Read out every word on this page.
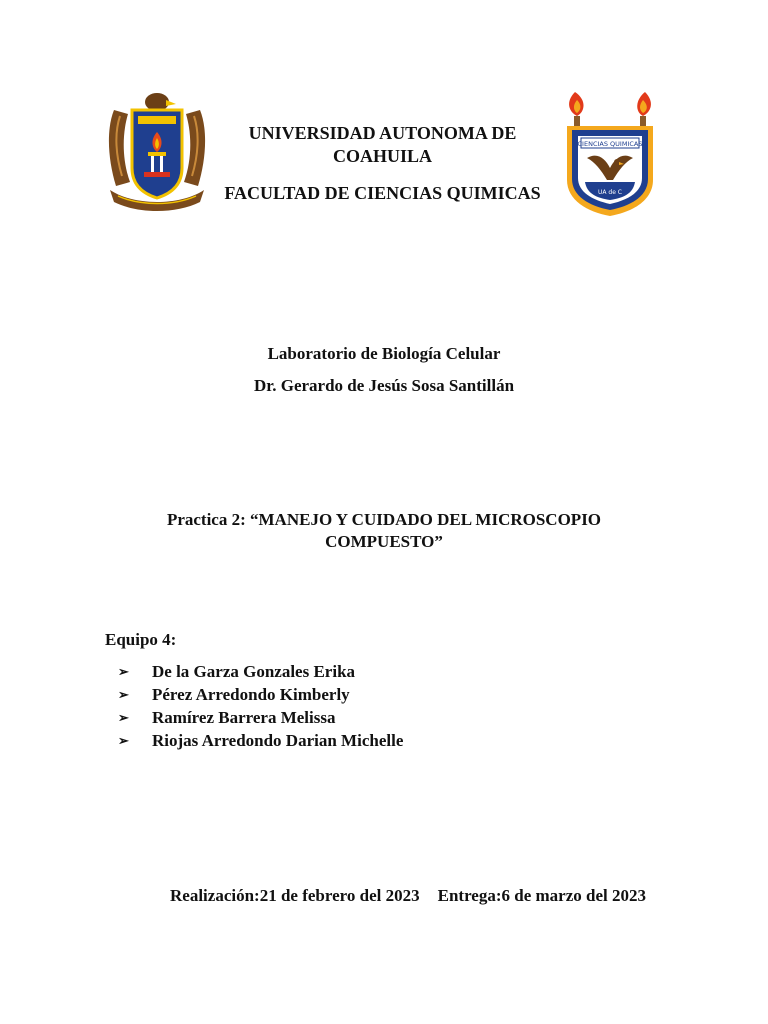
CIENCIAS QUIMICAS
UA de C

UNIVERSIDAD AUTONOMA DE COAHUILA

FACULTAD DE CIENCIAS QUIMICAS

Laboratorio de Biología Celular
Dr. Gerardo de Jesús Sosa Santillán
Practica 2: “MANEJO Y CUIDADO DEL MICROSCOPIO COMPUESTO”
Equipo 4:
➢	De la Garza Gonzales Erika
➢	Pérez Arredondo Kimberly
➢	Ramírez Barrera Melissa
➢	Riojas Arredondo Darian Michelle
Realización:21 de febrero del 2023 Entrega:6 de marzo del 2023
